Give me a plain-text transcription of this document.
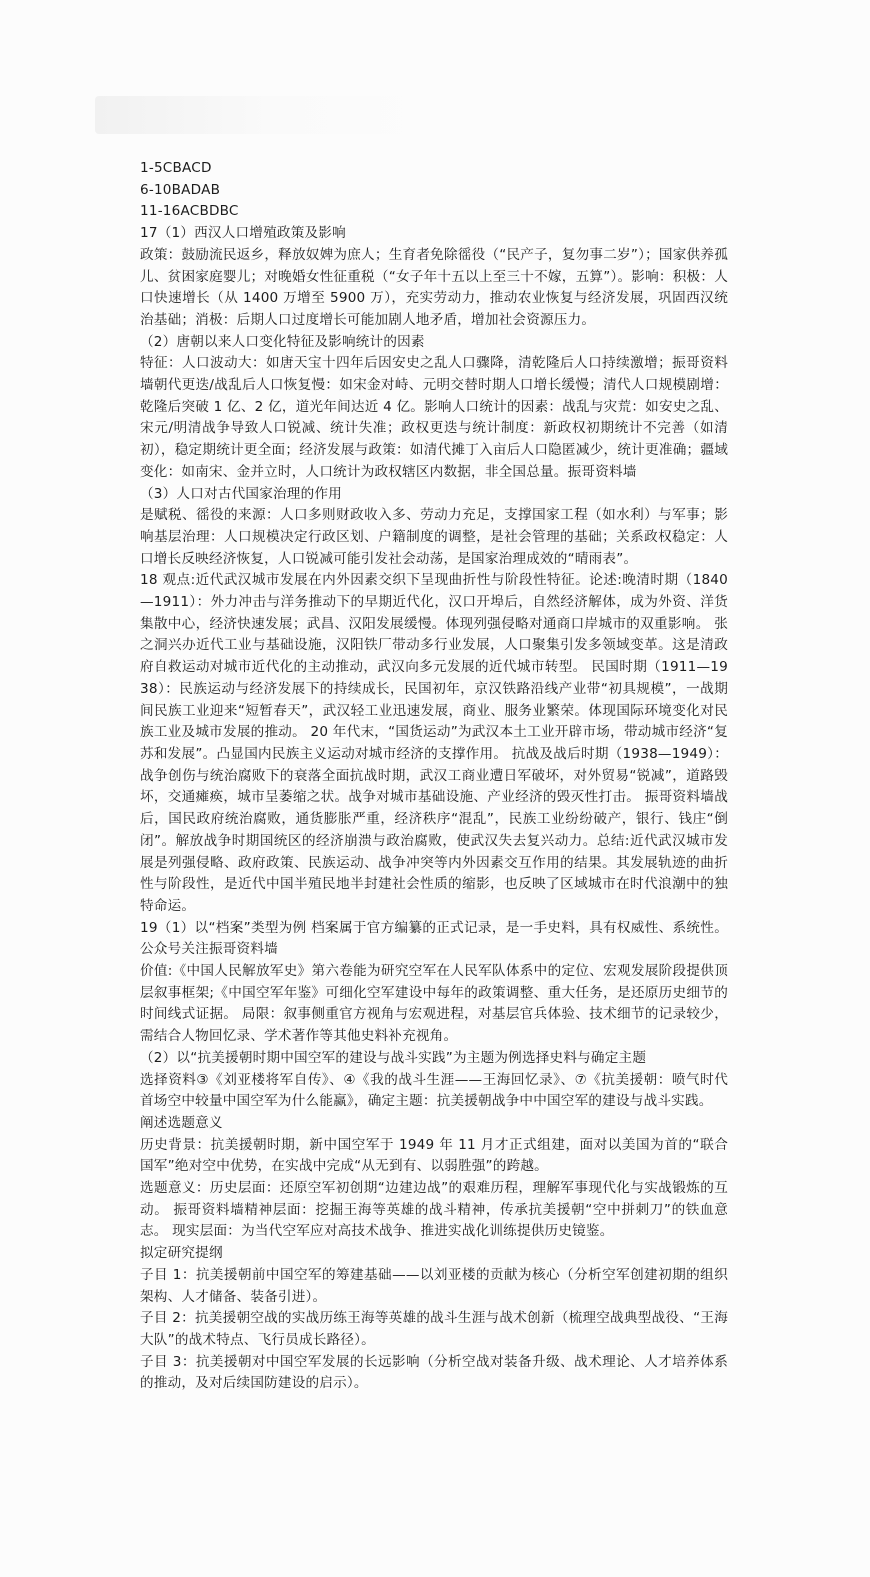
1-5CBACD

6-10BADAB

11-16ACBDBC

17（1）西汉人口增殖政策及影响

政策：鼓励流民返乡，释放奴婢为庶人；生育者免除徭役（“民产子，复勿事二岁”）；国家供养孤儿、贫困家庭婴儿；对晚婚女性征重税（“女子年十五以上至三十不嫁，五算”）。影响：积极：人口快速增长（从 1400 万增至 5900 万），充实劳动力，推动农业恢复与经济发展，巩固西汉统治基础；消极：后期人口过度增长可能加剧人地矛盾，增加社会资源压力。

（2）唐朝以来人口变化特征及影响统计的因素

特征：人口波动大：如唐天宝十四年后因安史之乱人口骤降，清乾隆后人口持续激增；振哥资料墙朝代更迭/战乱后人口恢复慢：如宋金对峙、元明交替时期人口增长缓慢；清代人口规模剧增：乾隆后突破 1 亿、2 亿，道光年间达近 4 亿。影响人口统计的因素：战乱与灾荒：如安史之乱、宋元/明清战争导致人口锐减、统计失准；政权更迭与统计制度：新政权初期统计不完善（如清初），稳定期统计更全面；经济发展与政策：如清代摊丁入亩后人口隐匿减少，统计更准确；疆域变化：如南宋、金并立时，人口统计为政权辖区内数据，非全国总量。振哥资料墙

（3）人口对古代国家治理的作用

是赋税、徭役的来源：人口多则财政收入多、劳动力充足，支撑国家工程（如水利）与军事；影响基层治理：人口规模决定行政区划、户籍制度的调整，是社会管理的基础；关系政权稳定：人口增长反映经济恢复，人口锐减可能引发社会动荡，是国家治理成效的“晴雨表”。

18 观点:近代武汉城市发展在内外因素交织下呈现曲折性与阶段性特征。论述:晚清时期（1840—1911）：外力冲击与洋务推动下的早期近代化，汉口开埠后，自然经济解体，成为外资、洋货集散中心，经济快速发展；武昌、汉阳发展缓慢。体现列强侵略对通商口岸城市的双重影响。 张之洞兴办近代工业与基础设施，汉阳铁厂带动多行业发展，人口聚集引发多领域变革。这是清政府自救运动对城市近代化的主动推动，武汉向多元发展的近代城市转型。 民国时期（1911—1938）：民族运动与经济发展下的持续成长，民国初年，京汉铁路沿线产业带“初具规模”，一战期间民族工业迎来“短暂春天”，武汉轻工业迅速发展，商业、服务业繁荣。体现国际环境变化对民族工业及城市发展的推动。 20 年代末，“国货运动”为武汉本土工业开辟市场，带动城市经济“复苏和发展”。凸显国内民族主义运动对城市经济的支撑作用。 抗战及战后时期（1938—1949）：战争创伤与统治腐败下的衰落全面抗战时期，武汉工商业遭日军破坏，对外贸易“锐减”，道路毁坏，交通瘫痪，城市呈萎缩之状。战争对城市基础设施、产业经济的毁灭性打击。 振哥资料墙战后，国民政府统治腐败，通货膨胀严重，经济秩序“混乱”，民族工业纷纷破产，银行、钱庄“倒闭”。解放战争时期国统区的经济崩溃与政治腐败，使武汉失去复兴动力。总结:近代武汉城市发展是列强侵略、政府政策、民族运动、战争冲突等内外因素交互作用的结果。其发展轨迹的曲折性与阶段性，是近代中国半殖民地半封建社会性质的缩影，也反映了区域城市在时代浪潮中的独特命运。

19（1）以“档案”类型为例 档案属于官方编纂的正式记录，是一手史料，具有权威性、系统性。公众号关注振哥资料墙

价值:《中国人民解放军史》第六卷能为研究空军在人民军队体系中的定位、宏观发展阶段提供顶层叙事框架;《中国空军年鉴》可细化空军建设中每年的政策调整、重大任务，是还原历史细节的时间线式证据。 局限：叙事侧重官方视角与宏观进程，对基层官兵体验、技术细节的记录较少，需结合人物回忆录、学术著作等其他史料补充视角。

（2）以“抗美援朝时期中国空军的建设与战斗实践”为主题为例选择史料与确定主题

选择资料③《刘亚楼将军自传》、④《我的战斗生涯——王海回忆录》、⑦《抗美援朝：喷气时代首场空中较量中国空军为什么能赢》，确定主题：抗美援朝战争中中国空军的建设与战斗实践。

阐述选题意义

历史背景：抗美援朝时期，新中国空军于 1949 年 11 月才正式组建，面对以美国为首的“联合国军”绝对空中优势，在实战中完成“从无到有、以弱胜强”的跨越。

选题意义：历史层面：还原空军初创期“边建边战”的艰难历程，理解军事现代化与实战锻炼的互动。 振哥资料墙精神层面：挖掘王海等英雄的战斗精神，传承抗美援朝“空中拼刺刀”的铁血意志。 现实层面：为当代空军应对高技术战争、推进实战化训练提供历史镜鉴。

拟定研究提纲

子目 1：抗美援朝前中国空军的筹建基础——以刘亚楼的贡献为核心（分析空军创建初期的组织架构、人才储备、装备引进）。

子目 2：抗美援朝空战的实战历练王海等英雄的战斗生涯与战术创新（梳理空战典型战役、“王海大队”的战术特点、飞行员成长路径）。

子目 3：抗美援朝对中国空军发展的长远影响（分析空战对装备升级、战术理论、人才培养体系的推动，及对后续国防建设的启示）。
